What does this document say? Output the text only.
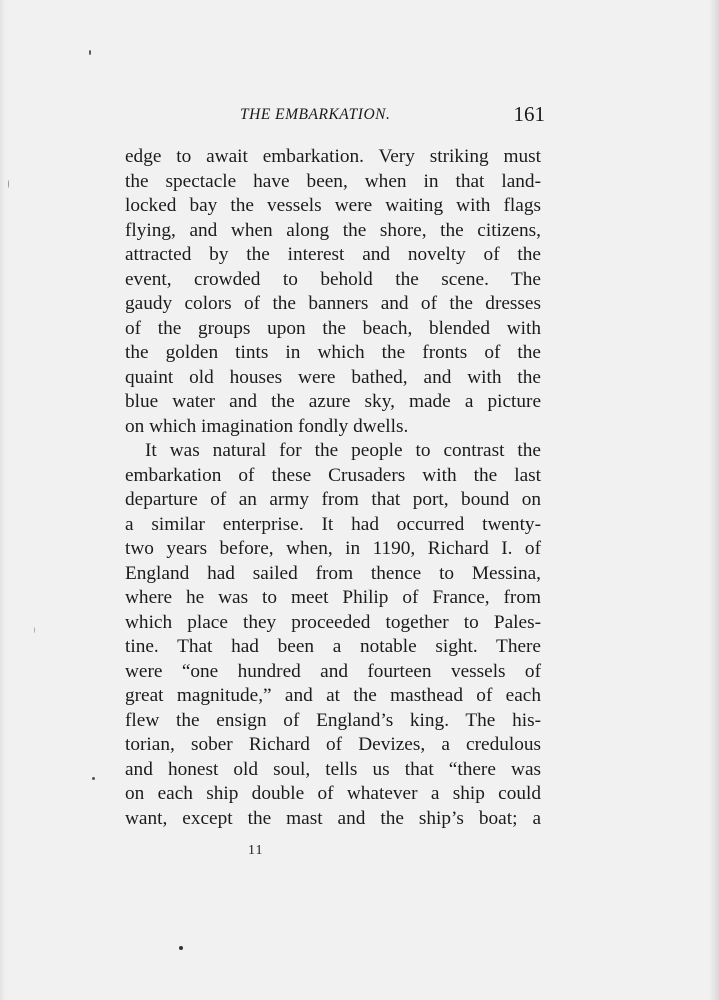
THE EMBARKATION.	161
edge to await embarkation. Very striking must
the spectacle have been, when in that land-
locked bay the vessels were waiting with flags
flying, and when along the shore, the citizens,
attracted by the interest and novelty of the
event, crowded to behold the scene. The
gaudy colors of the banners and of the dresses
of the groups upon the beach, blended with
the golden tints in which the fronts of the
quaint old houses were bathed, and with the
blue water and the azure sky, made a picture
on which imagination fondly dwells.
It was natural for the people to contrast the
embarkation of these Crusaders with the last
departure of an army from that port, bound on
a similar enterprise. It had occurred twenty-
two years before, when, in 1190, Richard I. of
England had sailed from thence to Messina,
where he was to meet Philip of France, from
which place they proceeded together to Pales-
tine. That had been a notable sight. There
were “one hundred and fourteen vessels of
great magnitude,” and at the masthead of each
flew the ensign of England’s king. The his-
torian, sober Richard of Devizes, a credulous
and honest old soul, tells us that “there was
on each ship double of whatever a ship could
want, except the mast and the ship’s boat; a
11
